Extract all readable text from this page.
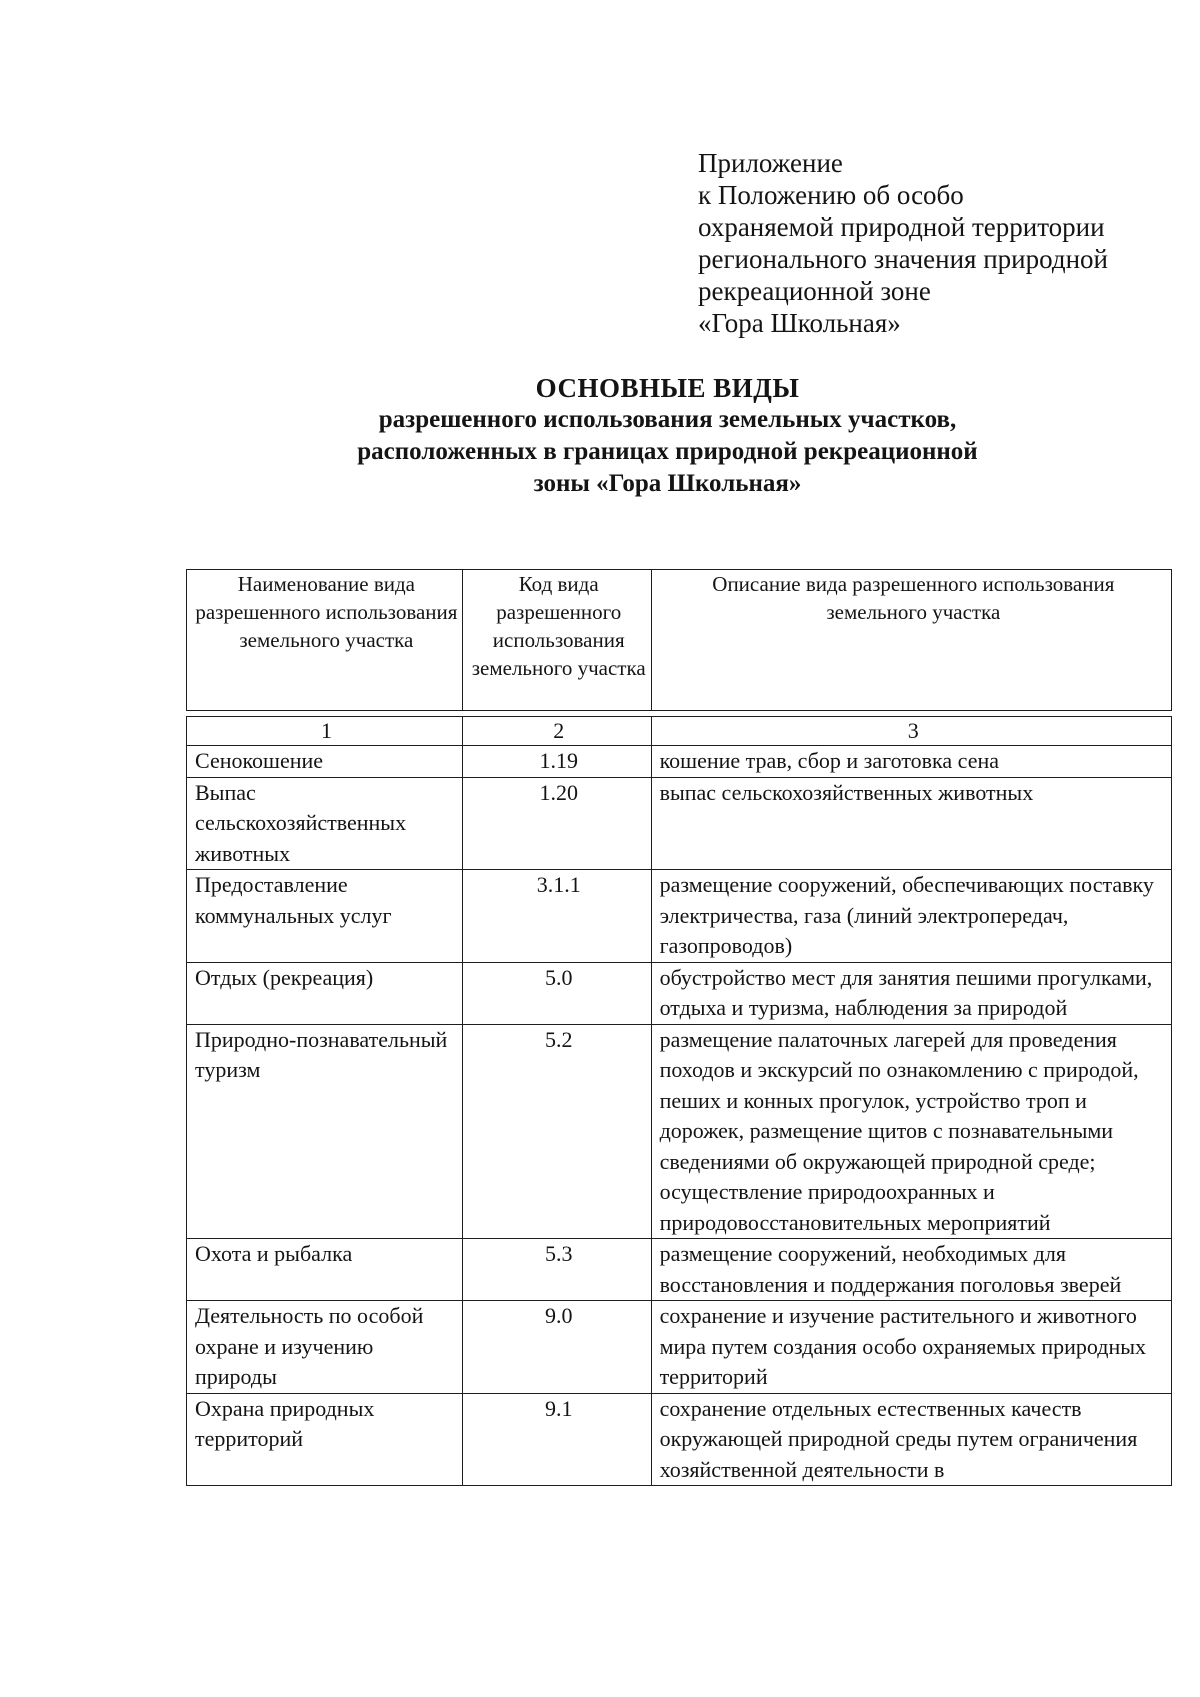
Приложение
к Положению об особо
охраняемой природной территории
регионального значения природной
рекреационной зоне
«Гора Школьная»
ОСНОВНЫЕ ВИДЫ
разрешенного использования земельных участков,
расположенных в границах природной рекреационной
зоны «Гора Школьная»
Наименование вида разрешенного использования земельного участка	Код вида разрешенного использования земельного участка	Описание вида разрешенного использования земельного участка
1	2	3
Сенокошение	1.19	кошение трав, сбор и заготовка сена
Выпас сельскохозяйственных животных	1.20	выпас сельскохозяйственных животных
Предоставление коммунальных услуг	3.1.1	размещение сооружений, обеспечивающих поставку электричества, газа (линий электропередач, газопроводов)
Отдых (рекреация)	5.0	обустройство мест для занятия пешими прогулками, отдыха и туризма, наблюдения за природой
Природно-познавательный туризм	5.2	размещение палаточных лагерей для проведения походов и экскурсий по ознакомлению с природой, пеших и конных прогулок, устройство троп и дорожек, размещение щитов с познавательными сведениями об окружающей природной среде; осуществление природоохранных и природовосстановительных мероприятий
Охота и рыбалка	5.3	размещение сооружений, необходимых для восстановления и поддержания поголовья зверей
Деятельность по особой охране и изучению природы	9.0	сохранение и изучение растительного и животного мира путем создания особо охраняемых природных территорий
Охрана природных территорий	9.1	сохранение отдельных естественных качеств окружающей природной среды путем ограничения хозяйственной деятельности в
